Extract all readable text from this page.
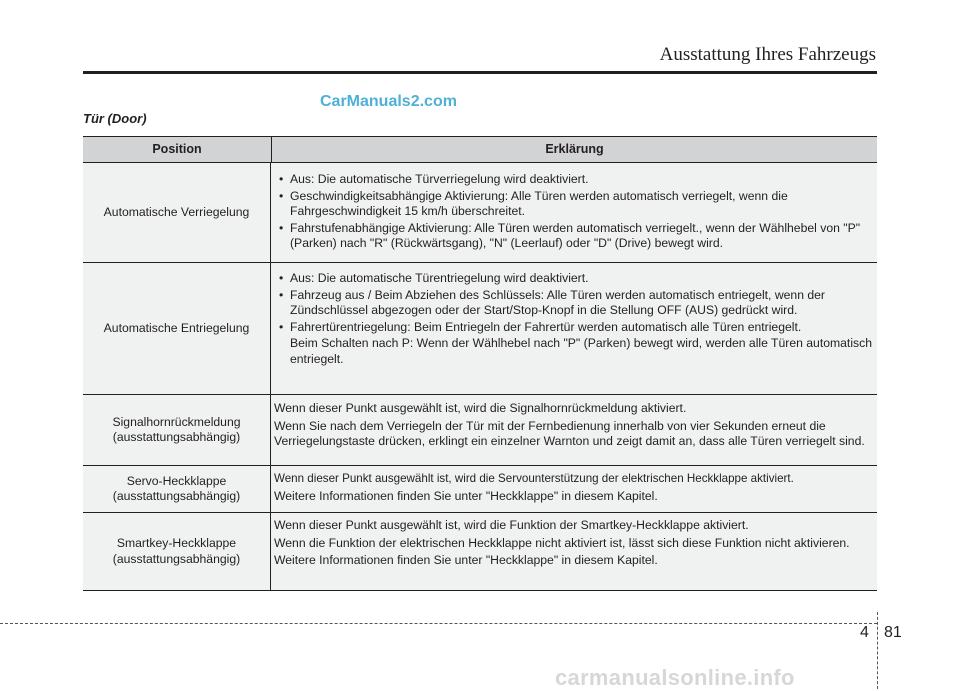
Ausstattung Ihres Fahrzeugs
CarManuals2.com
Tür (Door)
Position	Erklärung
Automatische Verriegelung
• Aus: Die automatische Türverriegelung wird deaktiviert.
• Geschwindigkeitsabhängige Aktivierung: Alle Türen werden automatisch verriegelt, wenn die Fahrgeschwindigkeit 15 km/h überschreitet.
• Fahrstufenabhängige Aktivierung: Alle Türen werden automatisch verriegelt., wenn der Wählhebel von "P" (Parken) nach "R" (Rückwärtsgang), "N" (Leerlauf) oder "D" (Drive) bewegt wird.
Automatische Entriegelung
• Aus: Die automatische Türentriegelung wird deaktiviert.
• Fahrzeug aus / Beim Abziehen des Schlüssels: Alle Türen werden automatisch entriegelt, wenn der Zündschlüssel abgezogen oder der Start/Stop-Knopf in die Stellung OFF (AUS) gedrückt wird.
• Fahrertürentriegelung: Beim Entriegeln der Fahrertür werden automatisch alle Türen entriegelt.
Beim Schalten nach P: Wenn der Wählhebel nach "P" (Parken) bewegt wird, werden alle Türen automatisch entriegelt.
Signalhornrückmeldung
(ausstattungsabhängig)

Wenn dieser Punkt ausgewählt ist, wird die Signalhornrückmeldung aktiviert.

Wenn Sie nach dem Verriegeln der Tür mit der Fernbedienung innerhalb von vier Sekunden erneut die Verriegelungstaste drücken, erklingt ein einzelner Warnton und zeigt damit an, dass alle Türen verriegelt sind.

Servo-Heckklappe
(ausstattungsabhängig)

Wenn dieser Punkt ausgewählt ist, wird die Servounterstützung der elektrischen Heckklappe aktiviert.

Weitere Informationen finden Sie unter "Heckklappe" in diesem Kapitel.

Smartkey-Heckklappe
(ausstattungsabhängig)

Wenn dieser Punkt ausgewählt ist, wird die Funktion der Smartkey-Heckklappe aktiviert.

Wenn die Funktion der elektrischen Heckklappe nicht aktiviert ist, lässt sich diese Funktion nicht aktivieren.

Weitere Informationen finden Sie unter "Heckklappe" in diesem Kapitel.

4 81
carmanualsonline.info
